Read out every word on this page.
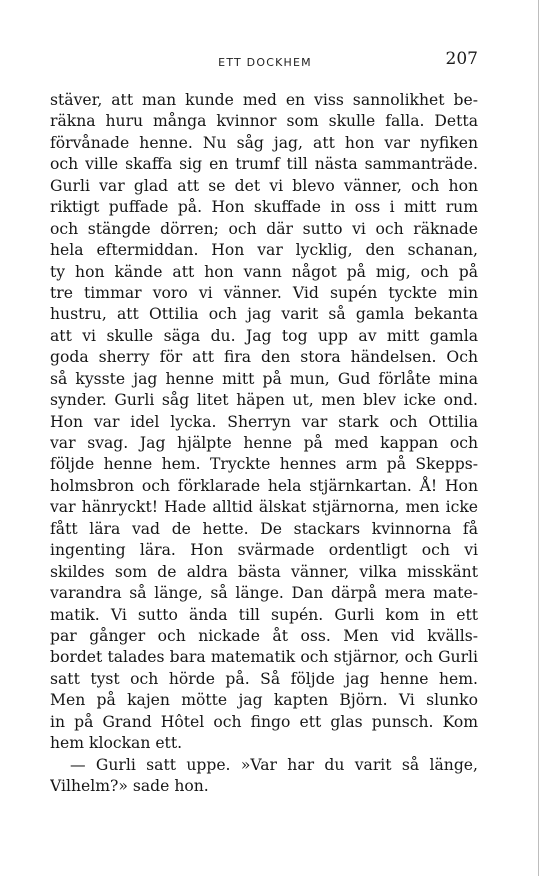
ETT DOCKHEM	207
stäver, att man kunde med en viss sannolikhet be-
räkna huru många kvinnor som skulle falla. Detta
förvånade henne. Nu såg jag, att hon var nyfiken
och ville skaffa sig en trumf till nästa sammanträde.
Gurli var glad att se det vi blevo vänner, och hon
riktigt puffade på. Hon skuffade in oss i mitt rum
och stängde dörren; och där sutto vi och räknade
hela eftermiddan. Hon var lycklig, den schanan,
ty hon kände att hon vann något på mig, och på
tre timmar voro vi vänner. Vid supén tyckte min
hustru, att Ottilia och jag varit så gamla bekanta
att vi skulle säga du. Jag tog upp av mitt gamla
goda sherry för att fira den stora händelsen. Och
så kysste jag henne mitt på mun, Gud förlåte mina
synder. Gurli såg litet häpen ut, men blev icke ond.
Hon var idel lycka. Sherryn var stark och Ottilia
var svag. Jag hjälpte henne på med kappan och
följde henne hem. Tryckte hennes arm på Skepps-
holmsbron och förklarade hela stjärnkartan. Å! Hon
var hänryckt! Hade alltid älskat stjärnorna, men icke
fått lära vad de hette. De stackars kvinnorna få
ingenting lära. Hon svärmade ordentligt och vi
skildes som de aldra bästa vänner, vilka misskänt
varandra så länge, så länge. Dan därpå mera mate-
matik. Vi sutto ända till supén. Gurli kom in ett
par gånger och nickade åt oss. Men vid kvälls-
bordet talades bara matematik och stjärnor, och Gurli
satt tyst och hörde på. Så följde jag henne hem.
Men på kajen mötte jag kapten Björn. Vi slunko
in på Grand Hôtel och fingo ett glas punsch. Kom
hem klockan ett.
— Gurli satt uppe. »Var har du varit så länge,
Vilhelm?» sade hon.
